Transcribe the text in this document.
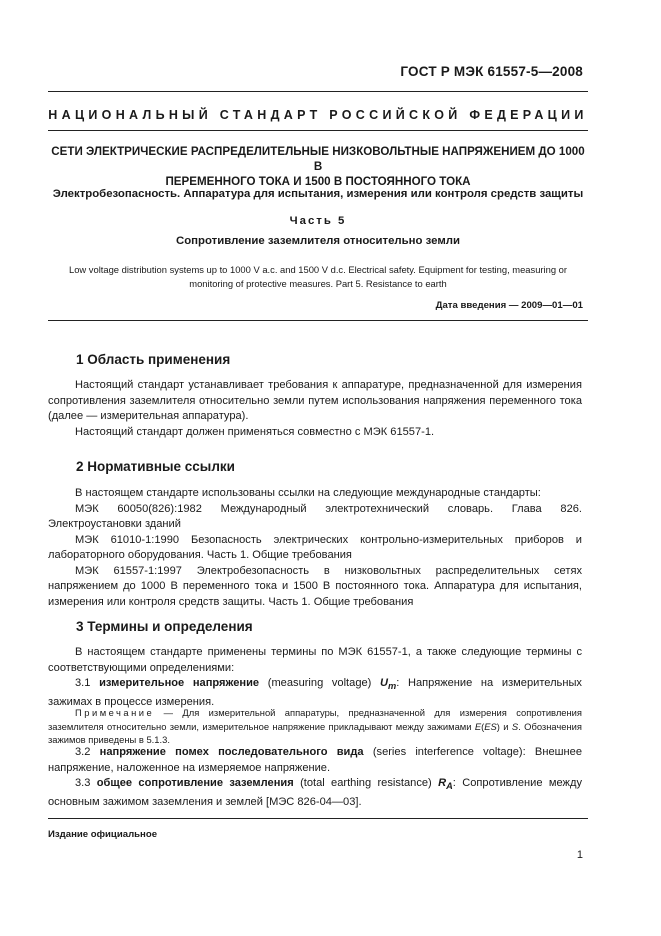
ГОСТ Р МЭК 61557-5—2008
НАЦИОНАЛЬНЫЙ СТАНДАРТ РОССИЙСКОЙ ФЕДЕРАЦИИ
СЕТИ ЭЛЕКТРИЧЕСКИЕ РАСПРЕДЕЛИТЕЛЬНЫЕ НИЗКОВОЛЬТНЫЕ НАПРЯЖЕНИЕМ ДО 1000 В
ПЕРЕМЕННОГО ТОКА И 1500 В ПОСТОЯННОГО ТОКА
Электробезопасность. Аппаратура для испытания, измерения или контроля средств защиты
Часть 5
Сопротивление заземлителя относительно земли
Low voltage distribution systems up to 1000 V a.c. and 1500 V d.c. Electrical safety. Equipment for testing, measuring or
monitoring of protective measures. Part 5. Resistance to earth
Дата введения — 2009—01—01
1 Область применения

Настоящий стандарт устанавливает требования к аппаратуре, предназначенной для измерения сопротивления заземлителя относительно земли путем использования напряжения переменного тока (далее — измерительная аппаратура).

Настоящий стандарт должен применяться совместно с МЭК 61557-1.

2 Нормативные ссылки

В настоящем стандарте использованы ссылки на следующие международные стандарты:

МЭК 60050(826):1982 Международный электротехнический словарь. Глава 826. Электроустановки зданий

МЭК 61010-1:1990 Безопасность электрических контрольно-измерительных приборов и лабораторного оборудования. Часть 1. Общие требования

МЭК 61557-1:1997 Электробезопасность в низковольтных распределительных сетях напряжением до 1000 В переменного тока и 1500 В постоянного тока. Аппаратура для испытания, измерения или контроля средств защиты. Часть 1. Общие требования

3 Термины и определения

В настоящем стандарте применены термины по МЭК 61557-1, а также следующие термины с соответствующими определениями:

3.1 измерительное напряжение (measuring voltage) $U_m$: Напряжение на измерительных зажимах в процессе измерения.

Примечание — Для измерительной аппаратуры, предназначенной для измерения сопротивления заземлителя относительно земли, измерительное напряжение прикладывают между зажимами E(ES) и S. Обозначения зажимов приведены в 5.1.3.

3.2 напряжение помех последовательного вида (series interference voltage): Внешнее напряжение, наложенное на измеряемое напряжение.

3.3 общее сопротивление заземления (total earthing resistance) $R_A$: Сопротивление между основным зажимом заземления и землей [МЭС 826-04—03].

Издание официальное
1
